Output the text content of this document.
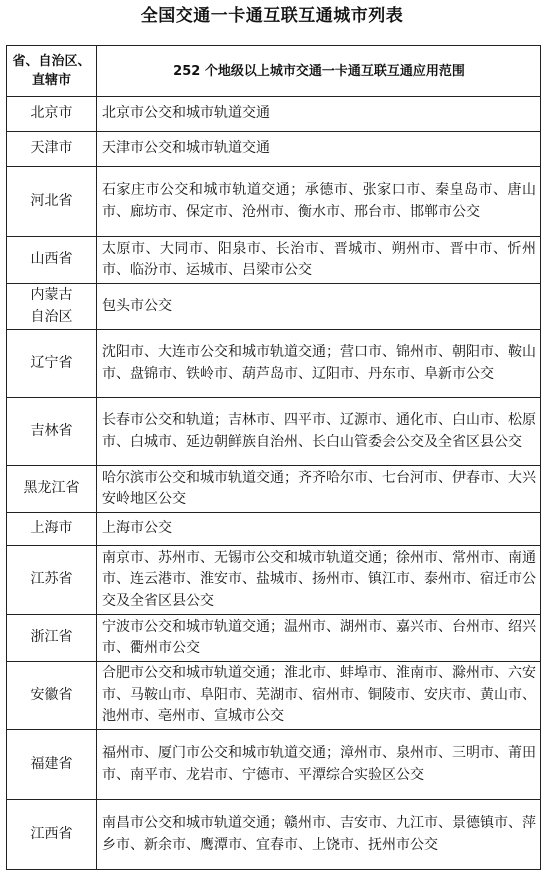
全国交通一卡通互联互通城市列表
省、自治区、
直辖市	252 个地级以上城市交通一卡通互联互通应用范围
北京市	北京市公交和城市轨道交通
天津市	天津市公交和城市轨道交通
河北省	石家庄市公交和城市轨道交通；承德市、张家口市、秦皇岛市、唐山市、廊坊市、保定市、沧州市、衡水市、邢台市、邯郸市公交
山西省	太原市、大同市、阳泉市、长治市、晋城市、朔州市、晋中市、忻州市、临汾市、运城市、吕梁市公交

内蒙古
自治区	包头市公交
辽宁省	沈阳市、大连市公交和城市轨道交通；营口市、锦州市、朝阳市、鞍山市、盘锦市、铁岭市、葫芦岛市、辽阳市、丹东市、阜新市公交
吉林省	长春市公交和轨道；吉林市、四平市、辽源市、通化市、白山市、松原市、白城市、延边朝鲜族自治州、长白山管委会公交及全省区县公交
黑龙江省	哈尔滨市公交和城市轨道交通；齐齐哈尔市、七台河市、伊春市、大兴安岭地区公交
上海市	上海市公交
江苏省	南京市、苏州市、无锡市公交和城市轨道交通；徐州市、常州市、南通市、连云港市、淮安市、盐城市、扬州市、镇江市、泰州市、宿迁市公交及全省区县公交
浙江省	宁波市公交和城市轨道交通；温州市、湖州市、嘉兴市、台州市、绍兴市、衢州市公交
安徽省	合肥市公交和城市轨道交通；淮北市、蚌埠市、淮南市、滁州市、六安市、马鞍山市、阜阳市、芜湖市、宿州市、铜陵市、安庆市、黄山市、池州市、亳州市、宣城市公交
福建省	福州市、厦门市公交和城市轨道交通；漳州市、泉州市、三明市、莆田市、南平市、龙岩市、宁德市、平潭综合实验区公交
江西省	南昌市公交和城市轨道交通；赣州市、吉安市、九江市、景德镇市、萍乡市、新余市、鹰潭市、宜春市、上饶市、抚州市公交
